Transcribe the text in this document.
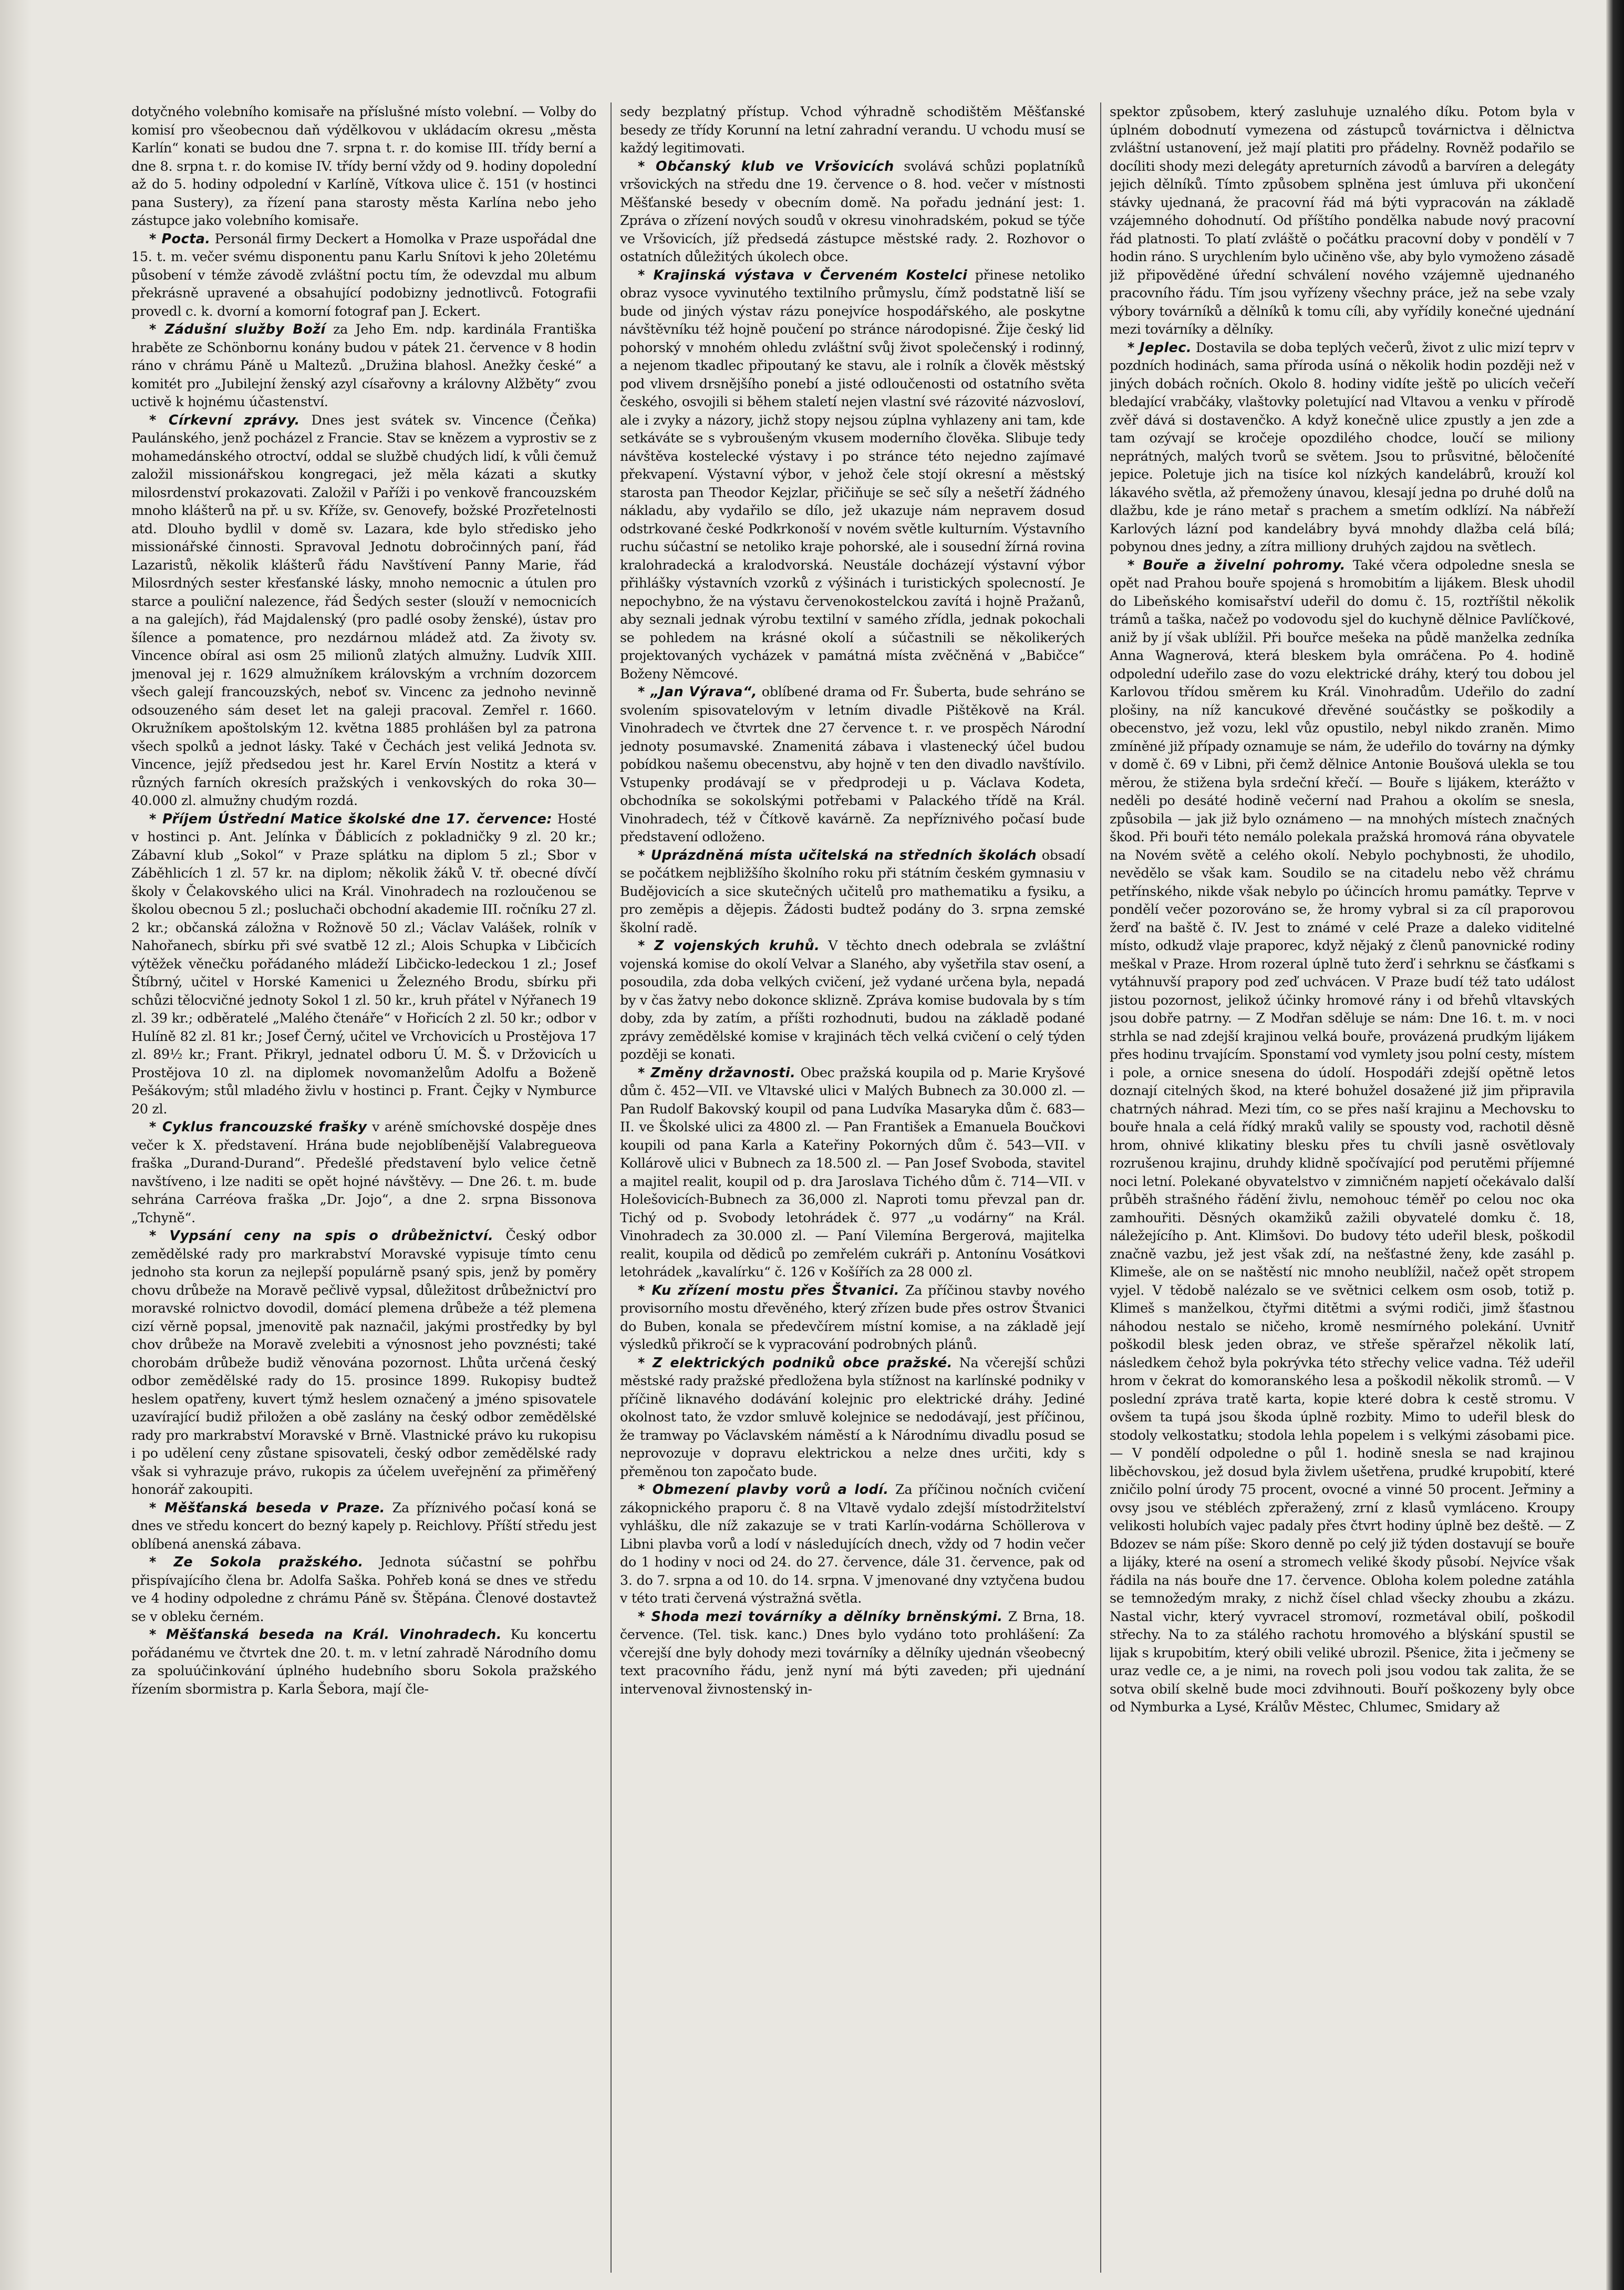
dotyčného volebního komisaře na příslušné místo volební. — Volby do komisí pro všeobecnou daň výdělkovou v ukládacím okresu „města Karlín“ konati se budou dne 7. srpna t. r. do komise III. třídy berní a dne 8. srpna t. r. do komise IV. třídy berní vždy od 9. hodiny dopolední až do 5. hodiny odpolední v Karlíně, Vítkova ulice č. 151 (v hostinci pana Sustery), za řízení pana starosty města Karlína nebo jeho zástupce jako volebního komisaře.

* Pocta. Personál firmy Deckert a Homolka v Praze uspořádal dne 15. t. m. večer svému disponentu panu Karlu Snítovi k jeho 20letému působení v témže závodě zvláštní poctu tím, že odevzdal mu album překrásně upravené a obsahující podobizny jednotlivců. Fotografii provedl c. k. dvorní a komorní fotograf pan J. Eckert.

* Zádušní služby Boží za Jeho Em. ndp. kardinála Františka hraběte ze Schönbornu konány budou v pátek 21. července v 8 hodin ráno v chrámu Páně u Maltezů. „Družina blahosl. Anežky české“ a komitét pro „Jubilejní ženský azyl císařovny a královny Alžběty“ zvou uctivě k hojnému účastenství.

* Církevní zprávy. Dnes jest svátek sv. Vincence (Čeňka) Paulánského, jenž pocházel z Francie. Stav se knězem a vyprostiv se z mohamedánského otroctví, oddal se službě chudých lidí, k vůli čemuž založil missionářskou kongregaci, jež měla kázati a skutky milosrdenství prokazovati. Založil v Paříži i po venkově francouzském mnoho klášterů na př. u sv. Kříže, sv. Genovefy, božské Prozřetelnosti atd. Dlouho bydlil v domě sv. Lazara, kde bylo středisko jeho missionářské činnosti. Spravoval Jednotu dobročinných paní, řád Lazaristů, několik klášterů řádu Navštívení Panny Marie, řád Milosrdných sester křesťanské lásky, mnoho nemocnic a útulen pro starce a pouliční nalezence, řád Šedých sester (slouží v nemocnicích a na galejích), řád Majdalenský (pro padlé osoby ženské), ústav pro šílence a pomatence, pro nezdárnou mládež atd. Za životy sv. Vincence obíral asi osm 25 milionů zlatých almužny. Ludvík XIII. jmenoval jej r. 1629 almužníkem královským a vrchním dozorcem všech galejí francouzských, neboť sv. Vincenc za jednoho nevinně odsouzeného sám deset let na galeji pracoval. Zemřel r. 1660. Okružníkem apoštolským 12. května 1885 prohlášen byl za patrona všech spolků a jednot lásky. Také v Čechách jest veliká Jednota sv. Vincence, jejíž předsedou jest hr. Karel Ervín Nostitz a která v různých farních okresích pražských i venkovských do roka 30—40.000 zl. almužny chudým rozdá.

* Příjem Ústřední Matice školské dne 17. července: Hosté v hostinci p. Ant. Jelínka v Ďáblicích z pokladničky 9 zl. 20 kr.; Zábavní klub „Sokol“ v Praze splátku na diplom 5 zl.; Sbor v Záběhlicích 1 zl. 57 kr. na diplom; několik žáků V. tř. obecné dívčí školy v Čelakovského ulici na Král. Vinohradech na rozloučenou se školou obecnou 5 zl.; posluchači obchodní akademie III. ročníku 27 zl. 2 kr.; občanská záložna v Rožnově 50 zl.; Václav Valášek, rolník v Nahořanech, sbírku při své svatbě 12 zl.; Alois Schupka v Libčicích výtěžek věnečku pořádaného mládeží Libčicko-ledeckou 1 zl.; Josef Štíbrný, učitel v Horské Kamenici u Železného Brodu, sbírku při schůzi tělocvičné jednoty Sokol 1 zl. 50 kr., kruh přátel v Nýřanech 19 zl. 39 kr.; odběratelé „Malého čtenáře“ v Hořicích 2 zl. 50 kr.; odbor v Hulíně 82 zl. 81 kr.; Josef Černý, učitel ve Vrchovicích u Prostějova 17 zl. 89½ kr.; Frant. Přikryl, jednatel odboru Ú. M. Š. v Držovicích u Prostějova 10 zl. na diplomek novomanželům Adolfu a Boženě Pešákovým; stůl mladého živlu v hostinci p. Frant. Čejky v Nymburce 20 zl.

* Cyklus francouzské frašky v aréně smíchovské dospěje dnes večer k X. představení. Hrána bude nejoblíbenější Valabregueova fraška „Durand-Durand“. Předešlé představení bylo velice četně navštíveno, i lze naditi se opět hojné návštěvy. — Dne 26. t. m. bude sehrána Carréova fraška „Dr. Jojo“, a dne 2. srpna Bissonova „Tchyně“.

* Vypsání ceny na spis o drůbežnictví. Český odbor zemědělské rady pro markrabství Moravské vypisuje tímto cenu jednoho sta korun za nejlepší populárně psaný spis, jenž by poměry chovu drůbeže na Moravě pečlivě vypsal, důležitost drůbežnictví pro moravské rolnictvo dovodil, domácí plemena drůbeže a též plemena cizí věrně popsal, jmenovitě pak naznačil, jakými prostředky by byl chov drůbeže na Moravě zvelebiti a výnosnost jeho povznésti; také chorobám drůbeže budiž věnována pozornost. Lhůta určená český odbor zemědělské rady do 15. prosince 1899. Rukopisy budtež heslem opatřeny, kuvert týmž heslem označený a jméno spisovatele uzavírající budiž přiložen a obě zaslány na český odbor zemědělské rady pro markrabství Moravské v Brně. Vlastnické právo ku rukopisu i po udělení ceny zůstane spisovateli, český odbor zemědělské rady však si vyhrazuje právo, rukopis za účelem uveřejnění za přiměřený honorář zakoupiti.

* Měšťanská beseda v Praze. Za příznivého počasí koná se dnes ve středu koncert do bezný kapely p. Reichlovy. Příští středu jest oblíbená anenská zábava.

* Ze Sokola pražského. Jednota súčastní se pohřbu přispívajícího člena br. Adolfa Saška. Pohřeb koná se dnes ve středu ve 4 hodiny odpoledne z chrámu Páně sv. Štěpána. Členové dostavtež se v obleku černém.

* Měšťanská beseda na Král. Vinohradech. Ku koncertu pořádanému ve čtvrtek dne 20. t. m. v letní zahradě Národního domu za spoluúčinkování úplného hudebního sboru Sokola pražského řízením sbormistra p. Karla Šebora, mají čle-

sedy bezplatný přístup. Vchod výhradně schodištěm Měšťanské besedy ze třídy Korunní na letní zahradní verandu. U vchodu musí se každý legitimovati.

* Občanský klub ve Vršovicích svolává schůzi poplatníků vršovických na středu dne 19. července o 8. hod. večer v místnosti Měšťanské besedy v obecním domě. Na pořadu jednání jest: 1. Zpráva o zřízení nových soudů v okresu vinohradském, pokud se týče ve Vršovicích, jíž předsedá zástupce městské rady. 2. Rozhovor o ostatních důležitých úkolech obce.

* Krajinská výstava v Červeném Kostelci přinese netoliko obraz vysoce vyvinutého textilního průmyslu, čímž podstatně liší se bude od jiných výstav rázu ponejvíce hospodářského, ale poskytne návštěvníku též hojně poučení po stránce národopisné. Žije český lid pohorský v mnohém ohledu zvláštní svůj život společenský i rodinný, a nejenom tkadlec připoutaný ke stavu, ale i rolník a člověk městský pod vlivem drsnějšího ponebí a jisté odloučenosti od ostatního světa českého, osvojili si během staletí nejen vlastní své rázovité názvosloví, ale i zvyky a názory, jichž stopy nejsou zúplna vyhlazeny ani tam, kde setkáváte se s vybroušeným vkusem moderního člověka. Slibuje tedy návštěva kostelecké výstavy i po stránce této nejedno zajímavé překvapení. Výstavní výbor, v jehož čele stojí okresní a městský starosta pan Theodor Kejzlar, přičiňuje se seč síly a nešetří žádného nákladu, aby vydařilo se dílo, jež ukazuje nám nepravem dosud odstrkované české Podkrkonoší v novém světle kulturním. Výstavního ruchu súčastní se netoliko kraje pohorské, ale i sousední žírná rovina kralohradecká a kralodvorská. Neustále docházejí výstavní výbor přihlášky výstavních vzorků z výšinách i turistických spolecností. Je nepochybno, že na výstavu červenokostelckou zavítá i hojně Pražanů, aby seznali jednak výrobu textilní v samého zřídla, jednak pokochali se pohledem na krásné okolí a súčastnili se několikerých projektovaných vycházek v památná místa zvěčněná v „Babičce“ Boženy Němcové.

* „Jan Výrava“, oblíbené drama od Fr. Šuberta, bude sehráno se svolením spisovatelovým v letním divadle Pištěkově na Král. Vinohradech ve čtvrtek dne 27 července t. r. ve prospěch Národní jednoty posumavské. Znamenitá zábava i vlastenecký účel budou pobídkou našemu obecenstvu, aby hojně v ten den divadlo navštívilo. Vstupenky prodávají se v předprodeji u p. Václava Kodeta, obchodníka se sokolskými potřebami v Palackého třídě na Král. Vinohradech, též v Čítkově kavárně. Za nepříznivého počasí bude představení odloženo.

* Uprázdněná místa učitelská na středních školách obsadí se počátkem nejbližšího školního roku při státním českém gymnasiu v Budějovicích a sice skutečných učitelů pro mathematiku a fysiku, a pro zeměpis a dějepis. Žádosti budtež podány do 3. srpna zemské školní radě.

* Z vojenských kruhů. V těchto dnech odebrala se zvláštní vojenská komise do okolí Velvar a Slaného, aby vyšetřila stav osení, a posoudila, zda doba velkých cvičení, jež vydané určena byla, nepadá by v čas žatvy nebo dokonce sklizně. Zpráva komise budovala by s tím doby, zda by zatím, a příšti rozhodnuti, budou na základě podané zprávy zemědělské komise v krajinách těch velká cvičení o celý týden později se konati.

* Změny državnosti. Obec pražská koupila od p. Marie Kryšové dům č. 452—VII. ve Vltavské ulici v Malých Bubnech za 30.000 zl. — Pan Rudolf Bakovský koupil od pana Ludvíka Masaryka dům č. 683—II. ve Školské ulici za 4800 zl. — Pan František a Emanuela Boučkovi koupili od pana Karla a Kateřiny Pokorných dům č. 543—VII. v Kollárově ulici v Bubnech za 18.500 zl. — Pan Josef Svoboda, stavitel a majitel realit, koupil od p. dra Jaroslava Tichého dům č. 714—VII. v Holešovicích-Bubnech za 36,000 zl. Naproti tomu převzal pan dr. Tichý od p. Svobody letohrádek č. 977 „u vodárny“ na Král. Vinohradech za 30.000 zl. — Paní Vilemína Bergerová, majitelka realit, koupila od dědiců po zemřelém cukráři p. Antonínu Vosátkovi letohrádek „kavalírku“ č. 126 v Košířích za 28 000 zl.

* Ku zřízení mostu přes Štvanici. Za příčinou stavby nového provisorního mostu dřevěného, který zřízen bude přes ostrov Štvanici do Buben, konala se předevčírem místní komise, a na základě její výsledků přikročí se k vypracování podrobných plánů.

* Z elektrických podniků obce pražské. Na včerejší schůzi městské rady pražské předložena byla stížnost na karlínské podniky v příčině liknavého dodávání kolejnic pro elektrické dráhy. Jediné okolnost tato, že vzdor smluvě kolejnice se nedodávají, jest příčinou, že tramway po Václavském náměstí a k Národnímu divadlu posud se neprovozuje v dopravu elektrickou a nelze dnes určiti, kdy s přeměnou ton započato bude.

* Obmezení plavby vorů a lodí. Za příčinou nočních cvičení zákopnického praporu č. 8 na Vltavě vydalo zdejší místodržitelství vyhlášku, dle níž zakazuje se v trati Karlín-vodárna Schöllerova v Libni plavba vorů a lodí v následujících dnech, vždy od 7 hodin večer do 1 hodiny v noci od 24. do 27. července, dále 31. července, pak od 3. do 7. srpna a od 10. do 14. srpna. V jmenované dny vztyčena budou v této trati červená výstražná světla.

* Shoda mezi továrníky a dělníky brněnskými. Z Brna, 18. července. (Tel. tisk. kanc.) Dnes bylo vydáno toto prohlášení: Za včerejší dne byly dohody mezi továrníky a dělníky ujednán všeobecný text pracovního řádu, jenž nyní má býti zaveden; při ujednání intervenoval živnostenský in-

spektor způsobem, který zasluhuje uznalého díku. Potom byla v úplném dobodnutí vymezena od zástupců továrnictva i dělnictva zvláštní ustanovení, jež mají platiti pro přádelny. Rovněž podařilo se docíliti shody mezi delegáty apreturních závodů a barvíren a delegáty jejich dělníků. Tímto způsobem splněna jest úmluva při ukončení stávky ujednaná, že pracovní řád má býti vypracován na základě vzájemného dohodnutí. Od příštího pondělka nabude nový pracovní řád platnosti. To platí zvláště o počátku pracovní doby v pondělí v 7 hodin ráno. S urychlením bylo učiněno vše, aby bylo vymoženo zásadě již připověděné úřední schválení nového vzájemně ujednaného pracovního řádu. Tím jsou vyřízeny všechny práce, jež na sebe vzaly výbory továrníků a dělníků k tomu cíli, aby vyřídily konečné ujednání mezi továrníky a dělníky.

* Jeplec. Dostavila se doba teplých večerů, život z ulic mizí teprv v pozdních hodinách, sama příroda usíná o několik hodin později než v jiných dobách ročních. Okolo 8. hodiny vidíte ještě po ulicích večeří bledající vrabčáky, vlaštovky poletující nad Vltavou a venku v přírodě zvěř dává si dostavenčko. A když konečně ulice zpustly a jen zde a tam ozývají se kročeje opozdilého chodce, loučí se miliony neprátných, malých tvorů se světem. Jsou to průsvitné, běločeníté jepice. Poletuje jich na tisíce kol nízkých kandelábrů, krouží kol lákavého světla, až přemoženy únavou, klesají jedna po druhé dolů na dlažbu, kde je ráno metař s prachem a smetím odklízí. Na nábřeží Karlových lázní pod kandelábry byvá mnohdy dlažba celá bílá; pobynou dnes jedny, a zítra milliony druhých zajdou na světlech.

* Bouře a živelní pohromy. Také včera odpoledne snesla se opět nad Prahou bouře spojená s hromobitím a lijákem. Blesk uhodil do Libeňského komisařství udeřil do domu č. 15, roztříštil několik trámů a taška, načež po vodovodu sjel do kuchyně dělnice Pavlíčkové, aniž by jí však ublížil. Při bouřce mešeka na půdě manželka zedníka Anna Wagnerová, která bleskem byla omráčena. Po 4. hodině odpolední udeřilo zase do vozu elektrické dráhy, který tou dobou jel Karlovou třídou směrem ku Král. Vinohradům. Udeřilo do zadní plošiny, na níž kancukové dřevěné součástky se poškodily a obecenstvo, jež vozu, lekl vůz opustilo, nebyl nikdo zraněn. Mimo zmíněné již případy oznamuje se nám, že udeřilo do továrny na dýmky v domě č. 69 v Libni, při čemž dělnice Antonie Boušová ulekla se tou měrou, že stižena byla srdeční křečí. — Bouře s lijákem, kterážto v neděli po desáté hodině večerní nad Prahou a okolím se snesla, způsobila — jak již bylo oznámeno — na mnohých místech značných škod. Při bouři této nemálo polekala pražská hromová rána obyvatele na Novém světě a celého okolí. Nebylo pochybnosti, že uhodilo, nevědělo se však kam. Soudilo se na citadelu nebo věž chrámu petřínského, nikde však nebylo po účincích hromu památky. Teprve v pondělí večer pozorováno se, že hromy vybral si za cíl praporovou žerď na baště č. IV. Jest to známé v celé Praze a daleko viditelné místo, odkudž vlaje praporec, když nějaký z členů panovnické rodiny meškal v Praze. Hrom rozeral úplně tuto žerď i sehrknu se čásťkami s vytáhnuvší prapory pod zeď uchvácen. V Praze budí též tato událost jistou pozornost, jelikož účinky hromové rány i od břehů vltavských jsou dobře patrny. — Z Modřan sděluje se nám: Dne 16. t. m. v noci strhla se nad zdejší krajinou velká bouře, provázená prudkým lijákem přes hodinu trvajícím. Sponstamí vod vymlety jsou polní cesty, místem i pole, a ornice snesena do údolí. Hospodáři zdejší opětně letos doznají citelných škod, na které bohužel dosažené již jim připravila chatrných náhrad. Mezi tím, co se přes naší krajinu a Mechovsku to bouře hnala a celá řídký mraků valily se spousty vod, rachotil děsně hrom, ohnivé klikatiny blesku přes tu chvíli jasně osvětlovaly rozrušenou krajinu, druhdy klidně spočívající pod perutěmi příjemné noci letní. Polekané obyvatelstvo v zimničném napjetí očekávalo další průběh strašného řádění živlu, nemohouc téměř po celou noc oka zamhouřiti. Děsných okamžiků zažili obyvatelé domku č. 18, náležejícího p. Ant. Klimšovi. Do budovy této udeřil blesk, poškodil značně vazbu, jež jest však zdí, na nešťastné ženy, kde zasáhl p. Klimeše, ale on se naštěstí nic mnoho neublížil, načež opět stropem vyjel. V tědobě nalézalo se ve světnici celkem osm osob, totiž p. Klimeš s manželkou, čtyřmi ditětmi a svými rodiči, jimž šťastnou náhodou nestalo se ničeho, kromě nesmírného polekání. Uvnitř poškodil blesk jeden obraz, ve střeše spěrařzel několik latí, následkem čehož byla pokrývka této střechy velice vadna. Též udeřil hrom v čekrat do komoranského lesa a poškodil několik stromů. — V poslední zpráva tratě karta, kopie které dobra k cestě stromu. V ovšem ta tupá jsou škoda úplně rozbity. Mimo to udeřil blesk do stodoly velkostatku; stodola lehla popelem i s velkými zásobami pice. — V pondělí odpoledne o půl 1. hodině snesla se nad krajinou liběchovskou, jež dosud byla živlem ušetřena, prudké krupobití, které zničilo polní úrody 75 procent, ovocné a vinné 50 procent. Jeřminy a ovsy jsou ve stébléch zpřeražený, zrní z klasů vymláceno. Kroupy velikosti holubích vajec padaly přes čtvrt hodiny úplně bez deště. — Z Bdozev se nám píše: Skoro denně po celý již týden dostavují se bouře a lijáky, které na osení a stromech veliké škody působí. Nejvíce však řádila na nás bouře dne 17. července. Obloha kolem poledne zatáhla se temnožedým mraky, z nichž čísel chlad všecky zhoubu a zkázu. Nastal vichr, který vyvracel stromoví, rozmetával obilí, poškodil střechy. Na to za stálého rachotu hromového a blýskání spustil se lijak s krupobitím, který obili veliké ubrozil. Pšenice, žita i ječmeny se uraz vedle ce, a je nimi, na rovech poli jsou vodou tak zalita, že se sotva obilí skelně bude moci zdvihnouti. Bouří poškozeny byly obce od Nymburka a Lysé, Králův Městec, Chlumec, Smidary až
